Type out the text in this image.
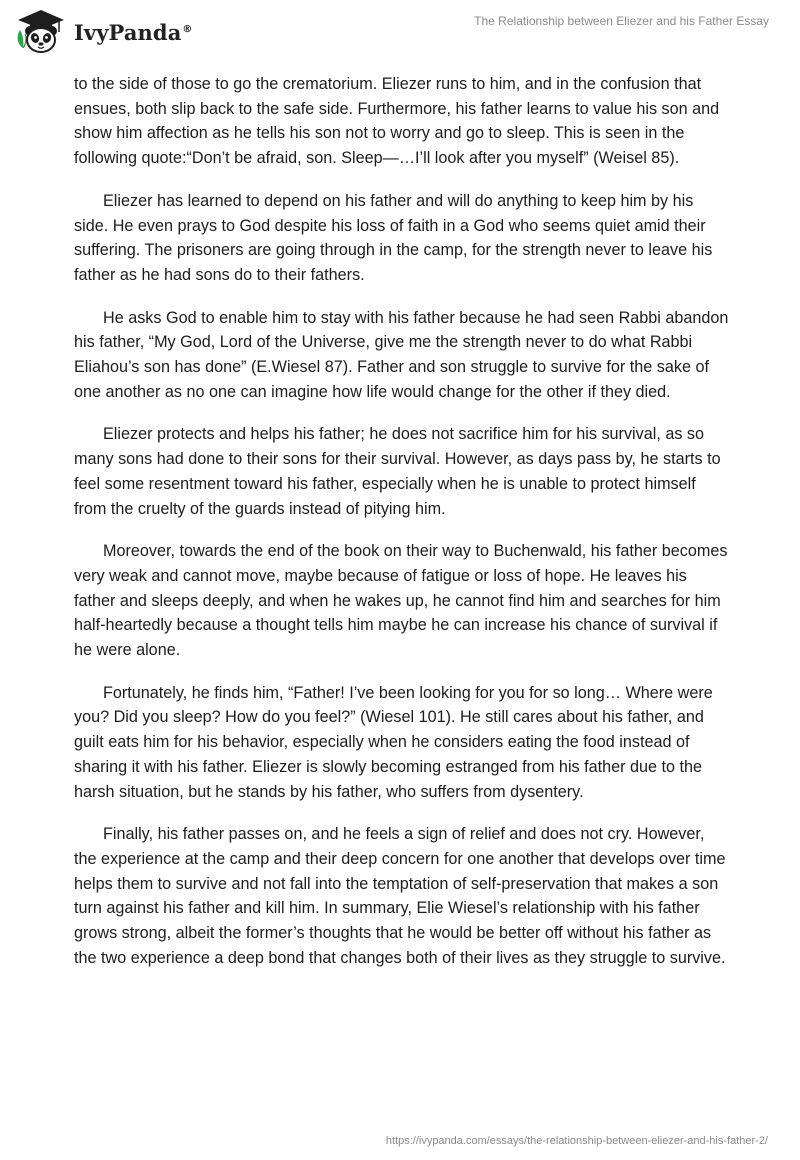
IvyPanda®
The Relationship between Eliezer and his Father Essay

to the side of those to go the crematorium. Eliezer runs to him, and in the confusion that ensues, both slip back to the safe side. Furthermore, his father learns to value his son and show him affection as he tells his son not to worry and go to sleep. This is seen in the following quote:“Don’t be afraid, son. Sleep—…I’ll look after you myself” (Weisel 85).

Eliezer has learned to depend on his father and will do anything to keep him by his side. He even prays to God despite his loss of faith in a God who seems quiet amid their suffering. The prisoners are going through in the camp, for the strength never to leave his father as he had sons do to their fathers.

He asks God to enable him to stay with his father because he had seen Rabbi abandon his father, “My God, Lord of the Universe, give me the strength never to do what Rabbi Eliahou’s son has done” (E.Wiesel 87). Father and son struggle to survive for the sake of one another as no one can imagine how life would change for the other if they died.

Eliezer protects and helps his father; he does not sacrifice him for his survival, as so many sons had done to their sons for their survival. However, as days pass by, he starts to feel some resentment toward his father, especially when he is unable to protect himself from the cruelty of the guards instead of pitying him.

Moreover, towards the end of the book on their way to Buchenwald, his father becomes very weak and cannot move, maybe because of fatigue or loss of hope. He leaves his father and sleeps deeply, and when he wakes up, he cannot find him and searches for him half-heartedly because a thought tells him maybe he can increase his chance of survival if he were alone.

Fortunately, he finds him, “Father! I’ve been looking for you for so long… Where were you? Did you sleep? How do you feel?” (Wiesel 101). He still cares about his father, and guilt eats him for his behavior, especially when he considers eating the food instead of sharing it with his father. Eliezer is slowly becoming estranged from his father due to the harsh situation, but he stands by his father, who suffers from dysentery.

Finally, his father passes on, and he feels a sign of relief and does not cry. However, the experience at the camp and their deep concern for one another that develops over time helps them to survive and not fall into the temptation of self-preservation that makes a son turn against his father and kill him. In summary, Elie Wiesel’s relationship with his father grows strong, albeit the former’s thoughts that he would be better off without his father as the two experience a deep bond that changes both of their lives as they struggle to survive.

https://ivypanda.com/essays/the-relationship-between-eliezer-and-his-father-2/
